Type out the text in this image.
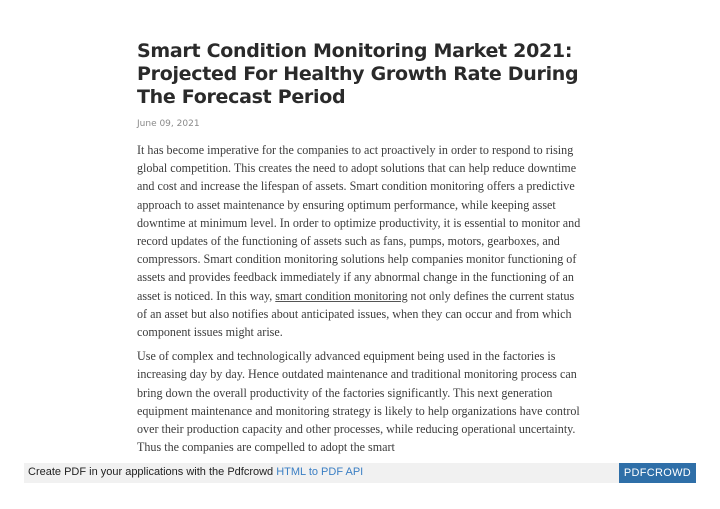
Smart Condition Monitoring Market 2021: Projected For Healthy Growth Rate During The Forecast Period
June 09, 2021

It has become imperative for the companies to act proactively in order to respond to rising global competition. This creates the need to adopt solutions that can help reduce downtime and cost and increase the lifespan of assets. Smart condition monitoring offers a predictive approach to asset maintenance by ensuring optimum performance, while keeping asset downtime at minimum level. In order to optimize productivity, it is essential to monitor and record updates of the functioning of assets such as fans, pumps, motors, gearboxes, and compressors. Smart condition monitoring solutions help companies monitor functioning of assets and provides feedback immediately if any abnormal change in the functioning of an asset is noticed. In this way, smart condition monitoring not only defines the current status of an asset but also notifies about anticipated issues, when they can occur and from which component issues might arise.

Use of complex and technologically advanced equipment being used in the factories is increasing day by day. Hence outdated maintenance and traditional monitoring process can bring down the overall productivity of the factories significantly. This next generation equipment maintenance and monitoring strategy is likely to help organizations have control over their production capacity and other processes, while reducing operational uncertainty. Thus the companies are compelled to adopt the smart

Create PDF in your applications with the Pdfcrowd HTML to PDF API	PDFCROWD
